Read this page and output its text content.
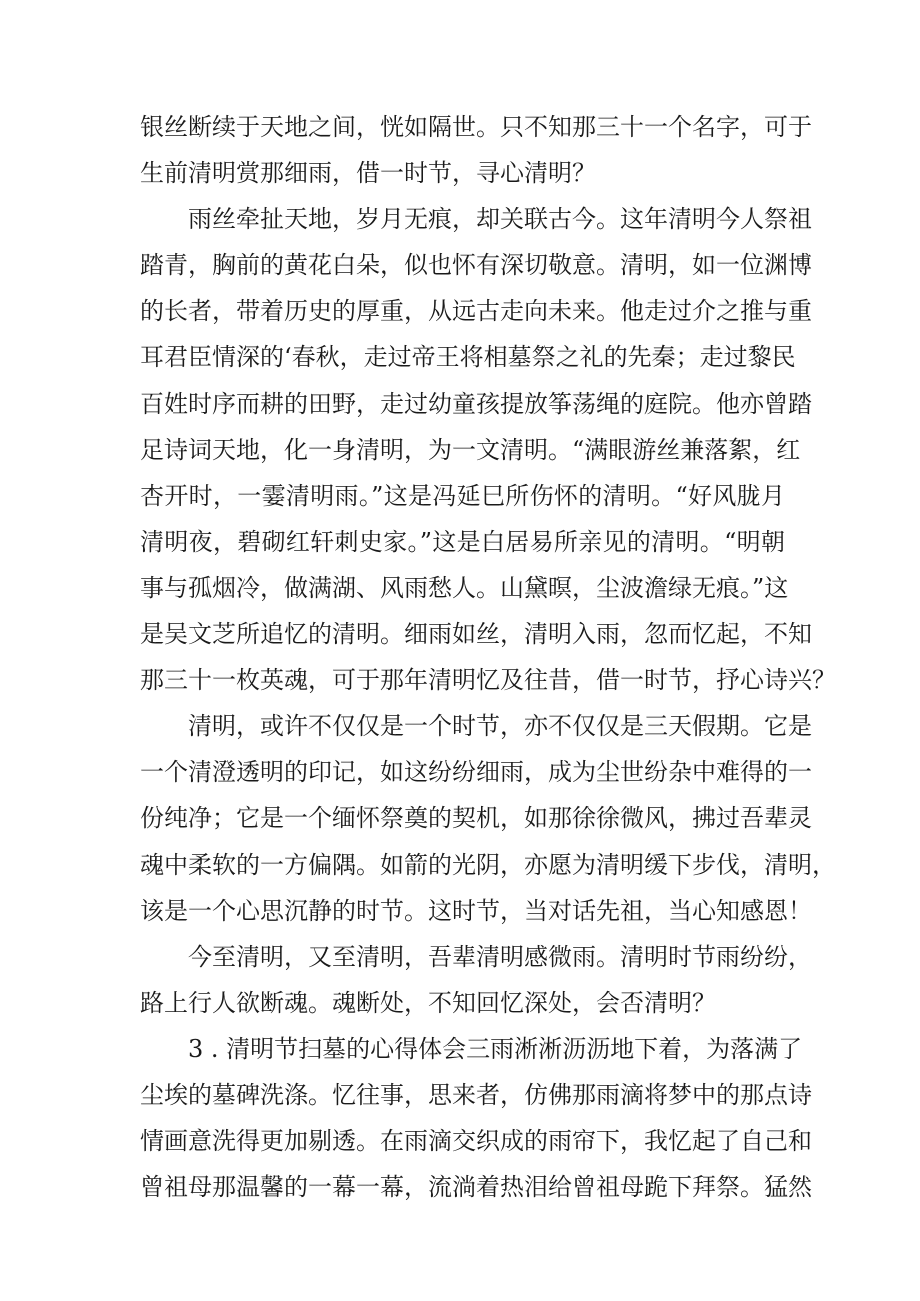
银丝断续于天地之间，恍如隔世。只不知那三十一个名字，可于
生前清明赏那细雨，借一时节，寻心清明？
雨丝牵扯天地，岁月无痕，却关联古今。这年清明今人祭祖
踏青，胸前的黄花白朵，似也怀有深切敬意。清明，如一位渊博
的长者，带着历史的厚重，从远古走向未来。他走过介之推与重
耳君臣情深的‘春秋，走过帝王将相墓祭之礼的先秦；走过黎民
百姓时序而耕的田野，走过幼童孩提放筝荡绳的庭院。他亦曾踏
足诗词天地，化一身清明，为一文清明。“满眼游丝兼落絮，红
杏开时，一霎清明雨。”这是冯延巳所伤怀的清明。“好风胧月
清明夜，碧砌红轩刺史家。”这是白居易所亲见的清明。“明朝
事与孤烟冷，做满湖、风雨愁人。山黛暝，尘波澹绿无痕。”这
是吴文芝所追忆的清明。细雨如丝，清明入雨，忽而忆起，不知
那三十一枚英魂，可于那年清明忆及往昔，借一时节，抒心诗兴？
清明，或许不仅仅是一个时节，亦不仅仅是三天假期。它是
一个清澄透明的印记，如这纷纷细雨，成为尘世纷杂中难得的一
份纯净；它是一个缅怀祭奠的契机，如那徐徐微风，拂过吾辈灵
魂中柔软的一方偏隅。如箭的光阴，亦愿为清明缓下步伐，清明，
该是一个心思沉静的时节。这时节，当对话先祖，当心知感恩！
今至清明，又至清明，吾辈清明感微雨。清明时节雨纷纷，
路上行人欲断魂。魂断处，不知回忆深处，会否清明？
3 . 清明节扫墓的心得体会三雨淅淅沥沥地下着，为落满了
尘埃的墓碑洗涤。忆往事，思来者，仿佛那雨滴将梦中的那点诗
情画意洗得更加剔透。在雨滴交织成的雨帘下，我忆起了自己和
曾祖母那温馨的一幕一幕，流淌着热泪给曾祖母跪下拜祭。猛然
